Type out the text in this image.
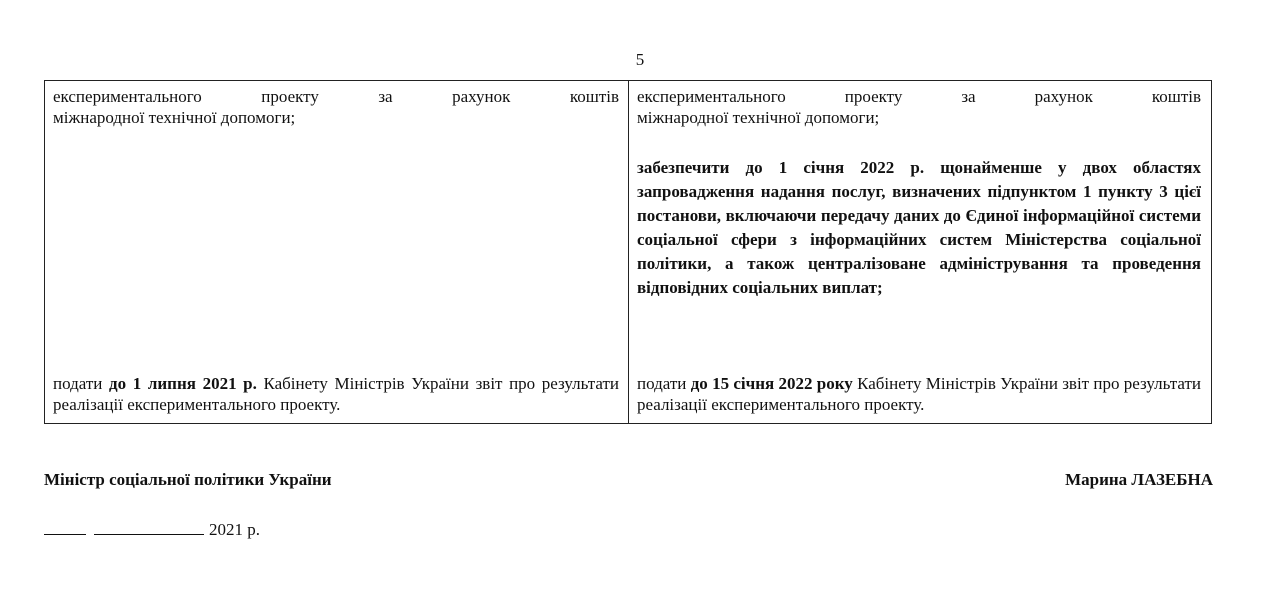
5
експериментального проекту за рахунок коштів
міжнародної технічної допомоги;
подати до 1 липня 2021 р. Кабінету Міністрів України звіт про результати реалізації експериментального проекту.
експериментального проекту за рахунок коштів
міжнародної технічної допомоги;
забезпечити до 1 січня 2022 р. щонайменше у двох областях запровадження надання послуг, визначених підпунктом 1 пункту 3 цієї постанови, включаючи передачу даних до Єдиної інформаційної системи соціальної сфери з інформаційних систем Міністерства соціальної політики, а також централізоване адміністрування та проведення відповідних соціальних виплат;
подати до 15 січня 2022 року Кабінету Міністрів України звіт про результати реалізації експериментального проекту.
Міністр соціальної політики України	Марина ЛАЗЕБНА
2021 р.
